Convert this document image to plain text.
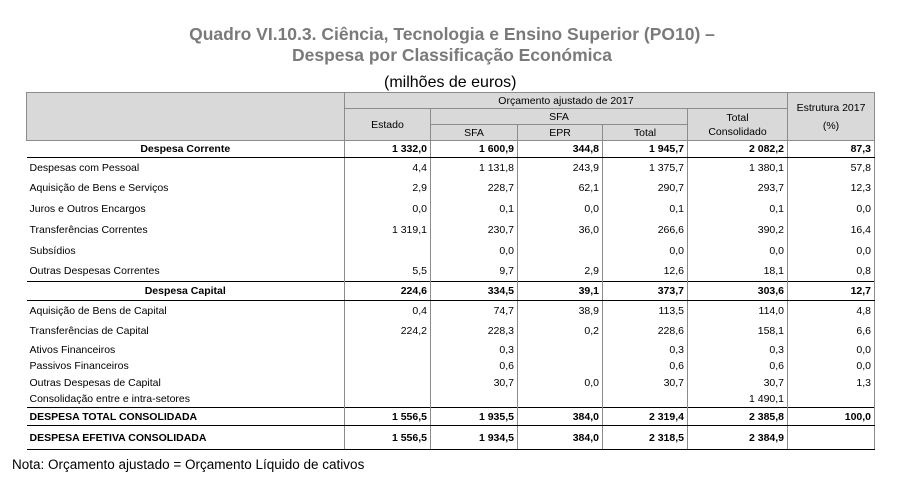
Quadro VI.10.3. Ciência, Tecnologia e Ensino Superior (PO10) –
Despesa por Classificação Económica
(milhões de euros)
	Orçamento ajustado de 2017					Estrutura 2017
(%)

	Estado	SFA			Total
Consolidado	

		SFA	EPR	Total		
Despesa Corrente	1 332,0	1 600,9	344,8	1 945,7	2 082,2	87,3
Despesas com Pessoal	4,4	1 131,8	243,9	1 375,7	1 380,1	57,8
Aquisição de Bens e Serviços	2,9	228,7	62,1	290,7	293,7	12,3
Juros e Outros Encargos	0,0	0,1	0,0	0,1	0,1	0,0
Transferências Correntes	1 319,1	230,7	36,0	266,6	390,2	16,4
Subsídios		0,0		0,0	0,0	0,0
Outras Despesas Correntes	5,5	9,7	2,9	12,6	18,1	0,8
Despesa Capital	224,6	334,5	39,1	373,7	303,6	12,7
Aquisição de Bens de Capital	0,4	74,7	38,9	113,5	114,0	4,8
Transferências de Capital	224,2	228,3	0,2	228,6	158,1	6,6
Ativos Financeiros		0,3		0,3	0,3	0,0
Passivos Financeiros		0,6		0,6	0,6	0,0
Outras Despesas de Capital		30,7	0,0	30,7	30,7	1,3
Consolidação entre e intra-setores					1 490,1	
DESPESA TOTAL CONSOLIDADA	1 556,5	1 935,5	384,0	2 319,4	2 385,8	100,0
DESPESA EFETIVA CONSOLIDADA	1 556,5	1 934,5	384,0	2 318,5	2 384,9	
Nota: Orçamento ajustado = Orçamento Líquido de cativos
